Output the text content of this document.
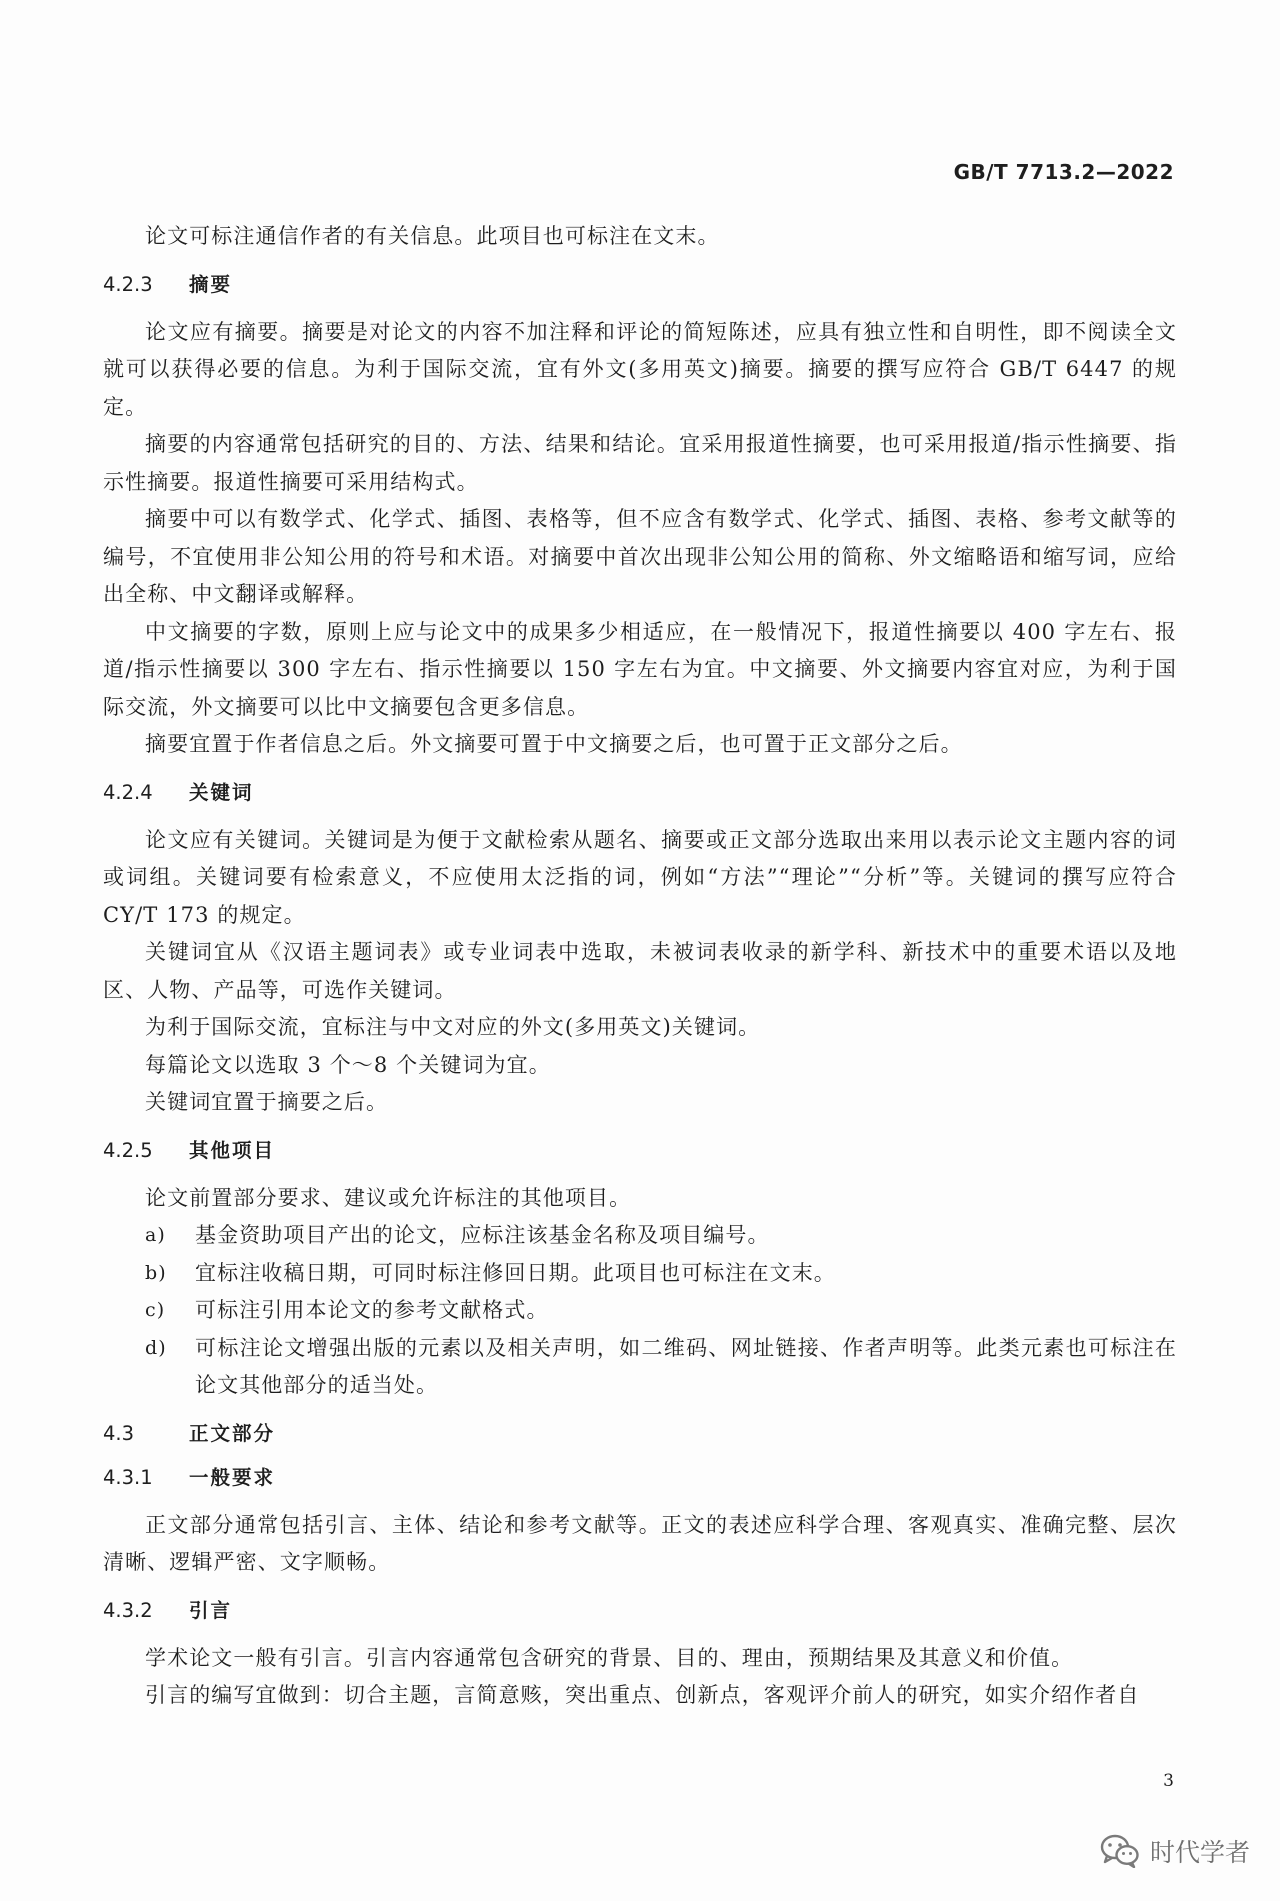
GB/T 7713.2—2022

论文可标注通信作者的有关信息。此项目也可标注在文末。

4.2.3 摘要

论文应有摘要。摘要是对论文的内容不加注释和评论的简短陈述，应具有独立性和自明性，即不阅读全文就可以获得必要的信息。为利于国际交流，宜有外文(多用英文)摘要。摘要的撰写应符合 GB/T 6447 的规定。

摘要的内容通常包括研究的目的、方法、结果和结论。宜采用报道性摘要，也可采用报道/指示性摘要、指示性摘要。报道性摘要可采用结构式。

摘要中可以有数学式、化学式、插图、表格等，但不应含有数学式、化学式、插图、表格、参考文献等的编号，不宜使用非公知公用的符号和术语。对摘要中首次出现非公知公用的简称、外文缩略语和缩写词，应给出全称、中文翻译或解释。

中文摘要的字数，原则上应与论文中的成果多少相适应，在一般情况下，报道性摘要以 400 字左右、报道/指示性摘要以 300 字左右、指示性摘要以 150 字左右为宜。中文摘要、外文摘要内容宜对应，为利于国际交流，外文摘要可以比中文摘要包含更多信息。

摘要宜置于作者信息之后。外文摘要可置于中文摘要之后，也可置于正文部分之后。

4.2.4 关键词

论文应有关键词。关键词是为便于文献检索从题名、摘要或正文部分选取出来用以表示论文主题内容的词或词组。关键词要有检索意义，不应使用太泛指的词，例如“方法”“理论”“分析”等。关键词的撰写应符合 CY/T 173 的规定。

关键词宜从《汉语主题词表》或专业词表中选取，未被词表收录的新学科、新技术中的重要术语以及地区、人物、产品等，可选作关键词。

为利于国际交流，宜标注与中文对应的外文(多用英文)关键词。

每篇论文以选取 3 个～8 个关键词为宜。

关键词宜置于摘要之后。

4.2.5 其他项目

论文前置部分要求、建议或允许标注的其他项目。

a)	基金资助项目产出的论文，应标注该基金名称及项目编号。
b)	宜标注收稿日期，可同时标注修回日期。此项目也可标注在文末。
c)	可标注引用本论文的参考文献格式。
d)	可标注论文增强出版的元素以及相关声明，如二维码、网址链接、作者声明等。此类元素也可标注在论文其他部分的适当处。
4.3	正文部分
4.3.1 一般要求

正文部分通常包括引言、主体、结论和参考文献等。正文的表述应科学合理、客观真实、准确完整、层次清晰、逻辑严密、文字顺畅。

4.3.2 引言

学术论文一般有引言。引言内容通常包含研究的背景、目的、理由，预期结果及其意义和价值。

引言的编写宜做到：切合主题，言简意赅，突出重点、创新点，客观评介前人的研究，如实介绍作者自

3
时代学者
